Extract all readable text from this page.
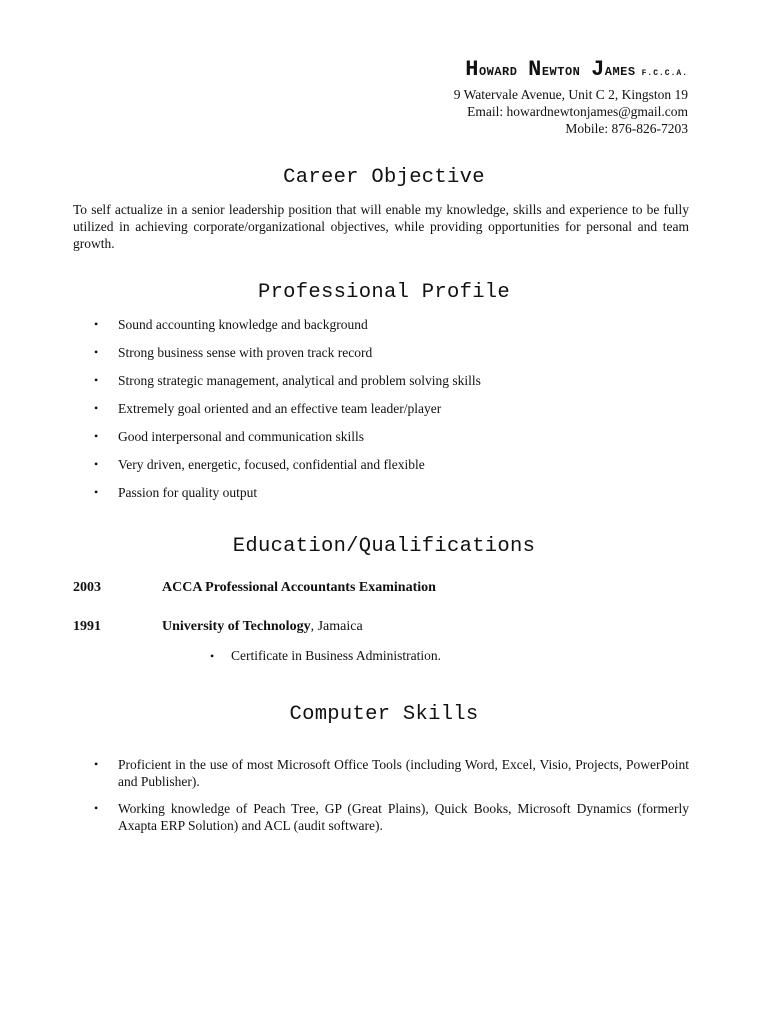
Howard Newton James F.C.C.A.
9 Watervale Avenue, Unit C 2, Kingston 19
Email: howardnewtonjames@gmail.com
Mobile: 876-826-7203
Career Objective
To self actualize in a senior leadership position that will enable my knowledge, skills and experience to be fully utilized in achieving corporate/organizational objectives, while providing opportunities for personal and team growth.
Professional Profile
• Sound accounting knowledge and background
• Strong business sense with proven track record
• Strong strategic management, analytical and problem solving skills
• Extremely goal oriented and an effective team leader/player
• Good interpersonal and communication skills
• Very driven, energetic, focused, confidential and flexible
• Passion for quality output
Education/Qualifications
2003	ACCA Professional Accountants Examination
1991	University of Technology, Jamaica
• Certificate in Business Administration.
Computer Skills
• Proficient in the use of most Microsoft Office Tools (including Word, Excel, Visio, Projects, PowerPoint and Publisher).
• Working knowledge of Peach Tree, GP (Great Plains), Quick Books, Microsoft Dynamics (formerly Axapta ERP Solution) and ACL (audit software).
